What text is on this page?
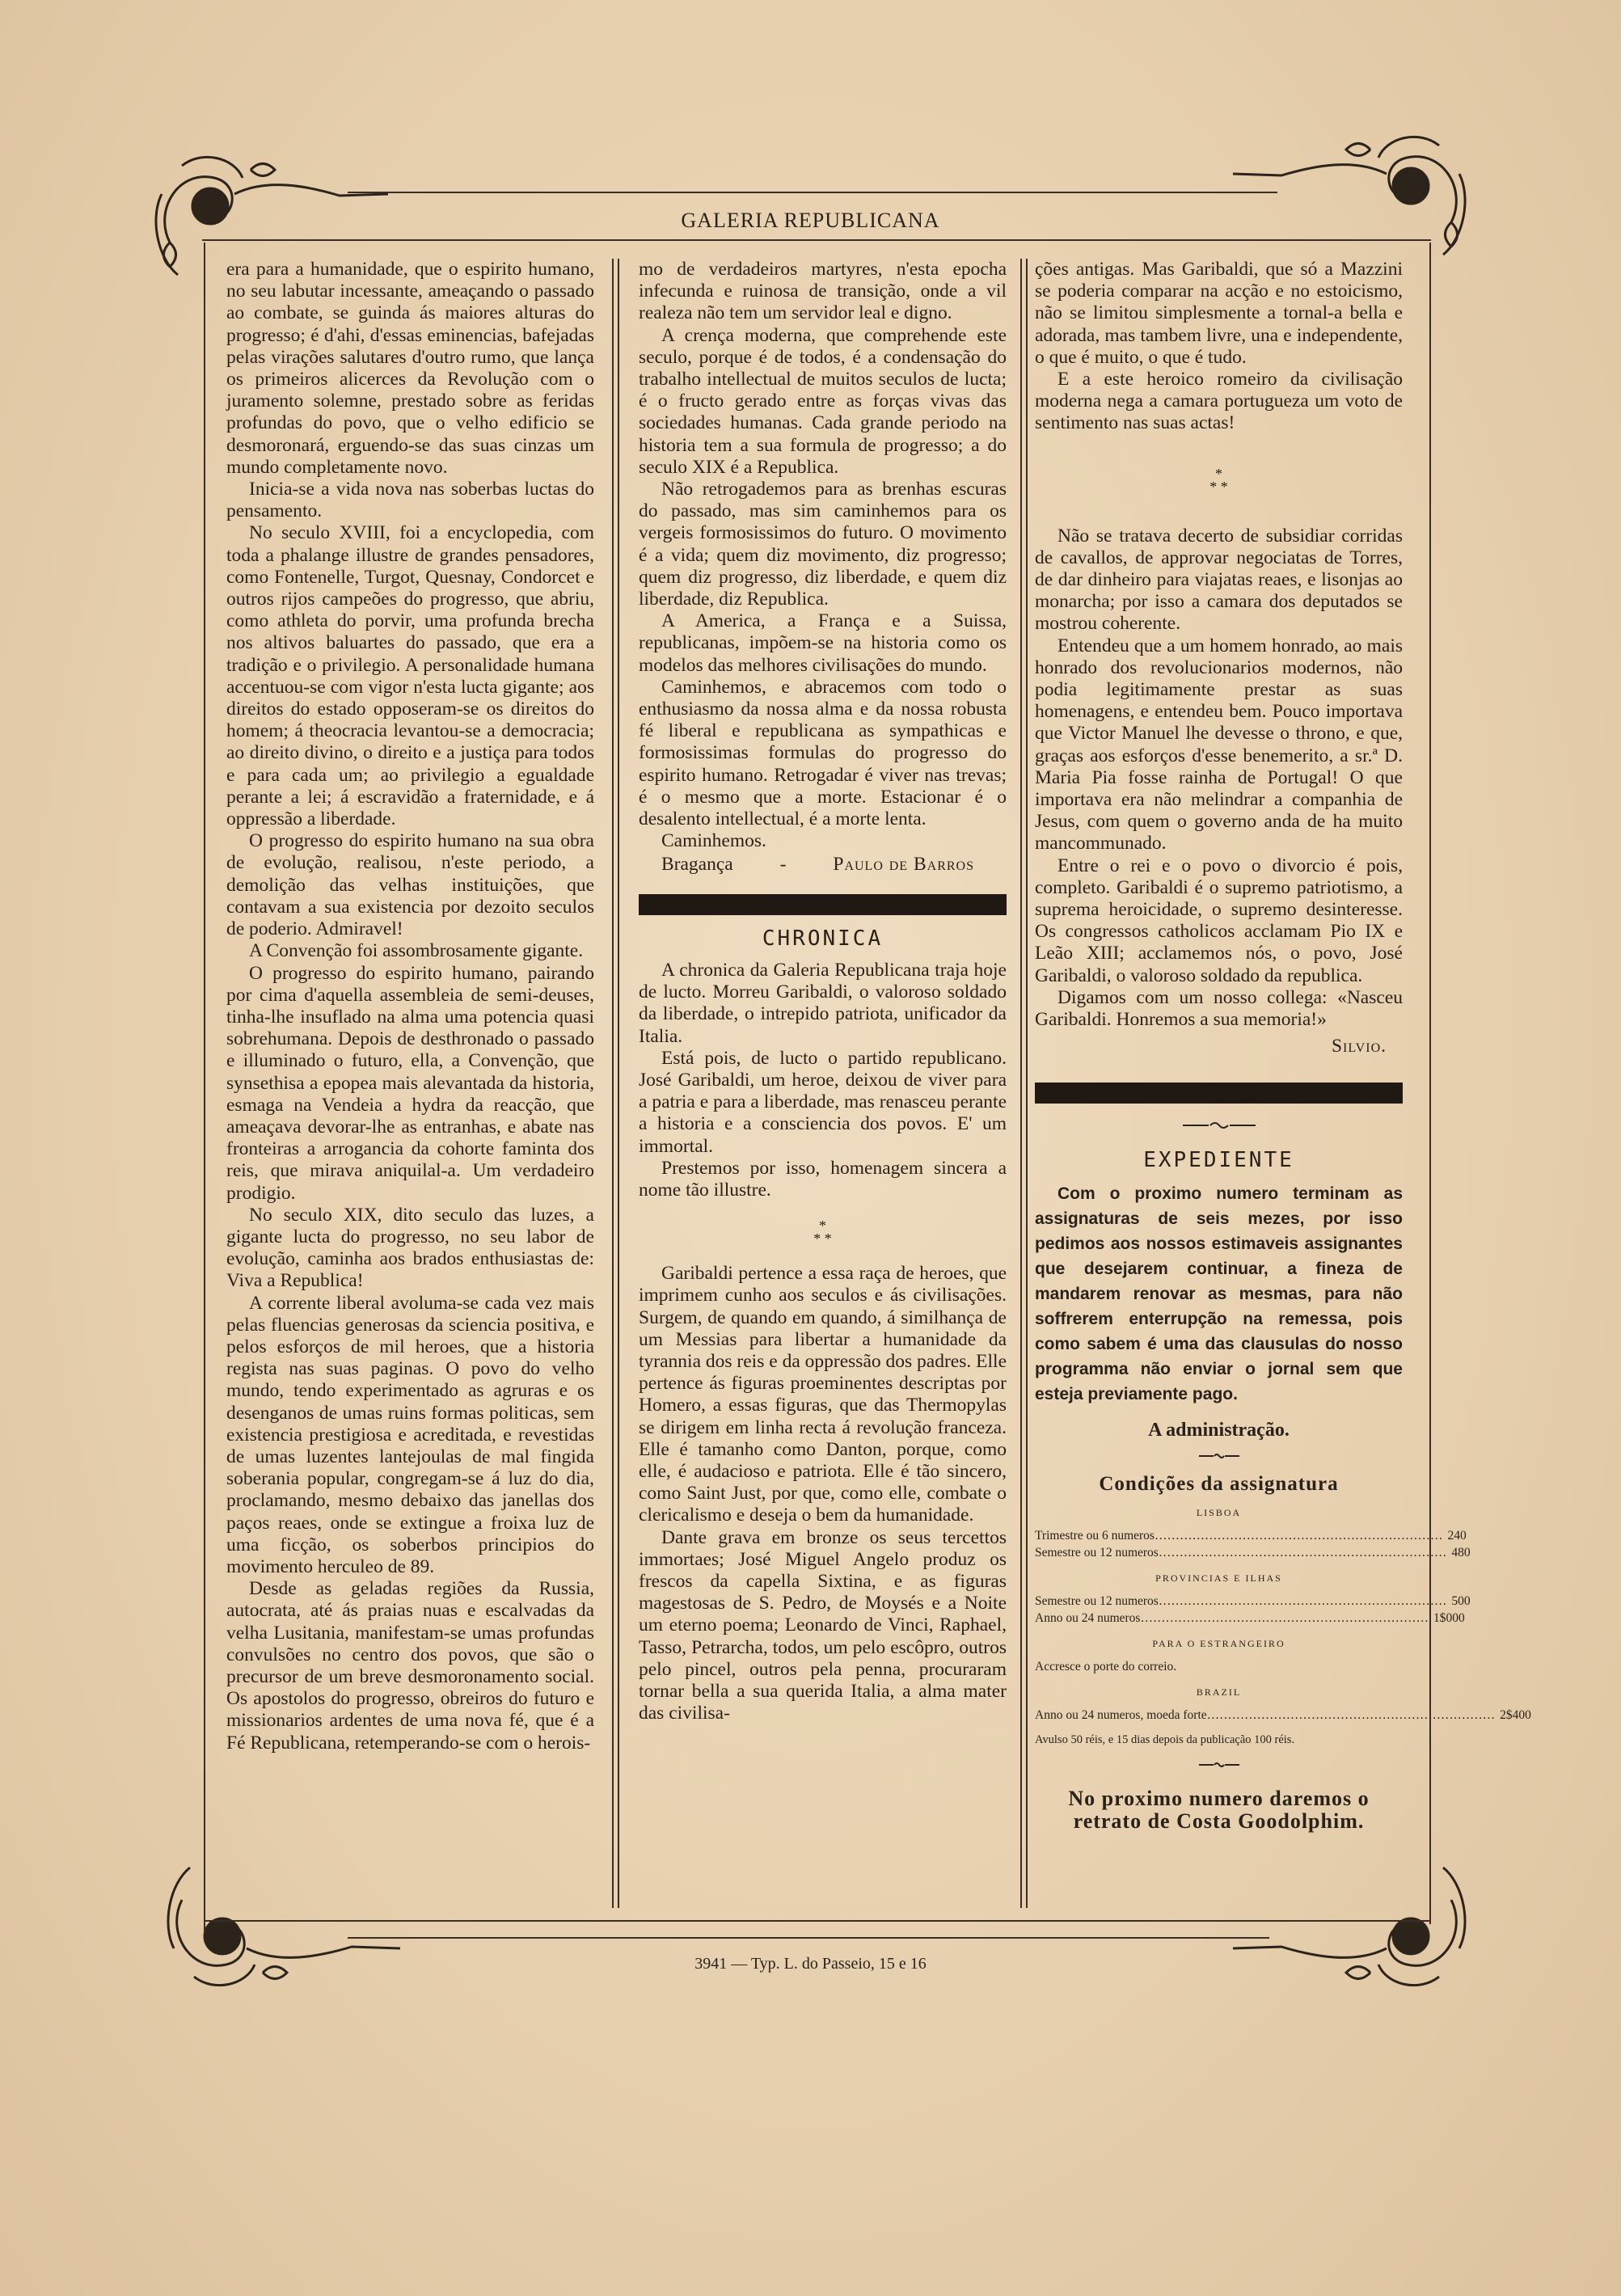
GALERIA REPUBLICANA

era para a humanidade, que o espirito humano, no seu labutar incessante, ameaçando o passado ao combate, se guinda ás maiores alturas do progresso; é d'ahi, d'essas eminencias, bafejadas pelas virações salutares d'outro rumo, que lança os primeiros alicerces da Revolução com o juramento solemne, prestado sobre as feridas profundas do povo, que o velho edificio se desmoronará, erguendo-se das suas cinzas um mundo completamente novo.

Inicia-se a vida nova nas soberbas luctas do pensamento.

No seculo XVIII, foi a encyclopedia, com toda a phalange illustre de grandes pensadores, como Fontenelle, Turgot, Quesnay, Condorcet e outros rijos campeões do progresso, que abriu, como athleta do porvir, uma profunda brecha nos altivos baluartes do passado, que era a tradição e o privilegio. A personalidade humana accentuou-se com vigor n'esta lucta gigante; aos direitos do estado opposeram-se os direitos do homem; á theocracia levantou-se a democracia; ao direito divino, o direito e a justiça para todos e para cada um; ao privilegio a egualdade perante a lei; á escravidão a fraternidade, e á oppressão a liberdade.

O progresso do espirito humano na sua obra de evolução, realisou, n'este periodo, a demolição das velhas instituições, que contavam a sua existencia por dezoito seculos de poderio. Admiravel!

A Convenção foi assombrosamente gigante.

O progresso do espirito humano, pairando por cima d'aquella assembleia de semi-deuses, tinha-lhe insuflado na alma uma potencia quasi sobrehumana. Depois de desthronado o passado e illuminado o futuro, ella, a Convenção, que synsethisa a epopea mais alevantada da historia, esmaga na Vendeia a hydra da reacção, que ameaçava devorar-lhe as entranhas, e abate nas fronteiras a arrogancia da cohorte faminta dos reis, que mirava aniquilal-a. Um verdadeiro prodigio.

No seculo XIX, dito seculo das luzes, a gigante lucta do progresso, no seu labor de evolução, caminha aos brados enthusiastas de: Viva a Republica!

A corrente liberal avoluma-se cada vez mais pelas fluencias generosas da sciencia positiva, e pelos esforços de mil heroes, que a historia regista nas suas paginas. O povo do velho mundo, tendo experimentado as agruras e os desenganos de umas ruins formas politicas, sem existencia prestigiosa e acreditada, e revestidas de umas luzentes lantejoulas de mal fingida soberania popular, congregam-se á luz do dia, proclamando, mesmo debaixo das janellas dos paços reaes, onde se extingue a froixa luz de uma ficção, os soberbos principios do movimento herculeo de 89.

Desde as geladas regiões da Russia, autocrata, até ás praias nuas e escalvadas da velha Lusitania, manifestam-se umas profundas convulsões no centro dos povos, que são o precursor de um breve desmoronamento social. Os apostolos do progresso, obreiros do futuro e missionarios ardentes de uma nova fé, que é a Fé Republicana, retemperando-se com o herois-

mo de verdadeiros martyres, n'esta epocha infecunda e ruinosa de transição, onde a vil realeza não tem um servidor leal e digno.

A crença moderna, que comprehende este seculo, porque é de todos, é a condensação do trabalho intellectual de muitos seculos de lucta; é o fructo gerado entre as forças vivas das sociedades humanas. Cada grande periodo na historia tem a sua formula de progresso; a do seculo XIX é a Republica.

Não retrogademos para as brenhas escuras do passado, mas sim caminhemos para os vergeis formosissimos do futuro. O movimento é a vida; quem diz movimento, diz progresso; quem diz progresso, diz liberdade, e quem diz liberdade, diz Republica.

A America, a França e a Suissa, republicanas, impõem-se na historia como os modelos das melhores civilisações do mundo.

Caminhemos, e abracemos com todo o enthusiasmo da nossa alma e da nossa robusta fé liberal e republicana as sympathicas e formosissimas formulas do progresso do espirito humano. Retrogadar é viver nas trevas; é o mesmo que a morte. Estacionar é o desalento intellectual, é a morte lenta.

Caminhemos.

Bragança - Paulo de Barros
CHRONICA

A chronica da Galeria Republicana traja hoje de lucto. Morreu Garibaldi, o valoroso soldado da liberdade, o intrepido patriota, unificador da Italia.

Está pois, de lucto o partido republicano. José Garibaldi, um heroe, deixou de viver para a patria e para a liberdade, mas renasceu perante a historia e a consciencia dos povos. E' um immortal.

Prestemos por isso, homenagem sincera a nome tão illustre.

*
* *

Garibaldi pertence a essa raça de heroes, que imprimem cunho aos seculos e ás civilisações. Surgem, de quando em quando, á similhança de um Messias para libertar a humanidade da tyrannia dos reis e da oppressão dos padres. Elle pertence ás figuras proeminentes descriptas por Homero, a essas figuras, que das Thermopylas se dirigem em linha recta á revolução franceza. Elle é tamanho como Danton, porque, como elle, é audacioso e patriota. Elle é tão sincero, como Saint Just, por que, como elle, combate o clericalismo e deseja o bem da humanidade.

Dante grava em bronze os seus tercettos immortaes; José Miguel Angelo produz os frescos da capella Sixtina, e as figuras magestosas de S. Pedro, de Moysés e a Noite um eterno poema; Leonardo de Vinci, Raphael, Tasso, Petrarcha, todos, um pelo escôpro, outros pelo pincel, outros pela penna, procuraram tornar bella a sua querida Italia, a alma mater das civilisa-

ções antigas. Mas Garibaldi, que só a Mazzini se poderia comparar na acção e no estoicismo, não se limitou simplesmente a tornal-a bella e adorada, mas tambem livre, una e independente, o que é muito, o que é tudo.

E a este heroico romeiro da civilisação moderna nega a camara portugueza um voto de sentimento nas suas actas!

*
* *

Não se tratava decerto de subsidiar corridas de cavallos, de approvar negociatas de Torres, de dar dinheiro para viajatas reaes, e lisonjas ao monarcha; por isso a camara dos deputados se mostrou coherente.

Entendeu que a um homem honrado, ao mais honrado dos revolucionarios modernos, não podia legitimamente prestar as suas homenagens, e entendeu bem. Pouco importava que Victor Manuel lhe devesse o throno, e que, graças aos esforços d'esse benemerito, a sr.ª D. Maria Pia fosse rainha de Portugal! O que importava era não melindrar a companhia de Jesus, com quem o governo anda de ha muito mancommunado.

Entre o rei e o povo o divorcio é pois, completo. Garibaldi é o supremo patriotismo, a suprema heroicidade, o supremo desinteresse. Os congressos catholicos acclamam Pio IX e Leão XIII; acclamemos nós, o povo, José Garibaldi, o valoroso soldado da republica.

Digamos com um nosso collega: «Nasceu Garibaldi. Honremos a sua memoria!»

Silvio.
EXPEDIENTE

Com o proximo numero terminam as assignaturas de seis mezes, por isso pedimos aos nossos estimaveis assignantes que desejarem continuar, a fineza de mandarem renovar as mesmas, para não soffrerem enterrupção na remessa, pois como sabem é uma das clausulas do nosso programma não enviar o jornal sem que esteja previamente pago.

A administração.
Condições da assignatura
LISBOA
Trimestre ou 6 numeros…………………………………………………………… 240
Semestre ou 12 numeros…………………………………………………………… 480
PROVINCIAS E ILHAS
Semestre ou 12 numeros…………………………………………………………… 500
Anno ou 24 numeros…………………………………………………………… 1$000
PARA O ESTRANGEIRO
Accresce o porte do correio.
BRAZIL
Anno ou 24 numeros, moeda forte…………………………………………………………… 2$400
Avulso 50 réis, e 15 dias depois da publicação 100 réis.
No proximo numero daremos o retrato de Costa Goodolphim.
3941 — Typ. L. do Passeio, 15 e 16
